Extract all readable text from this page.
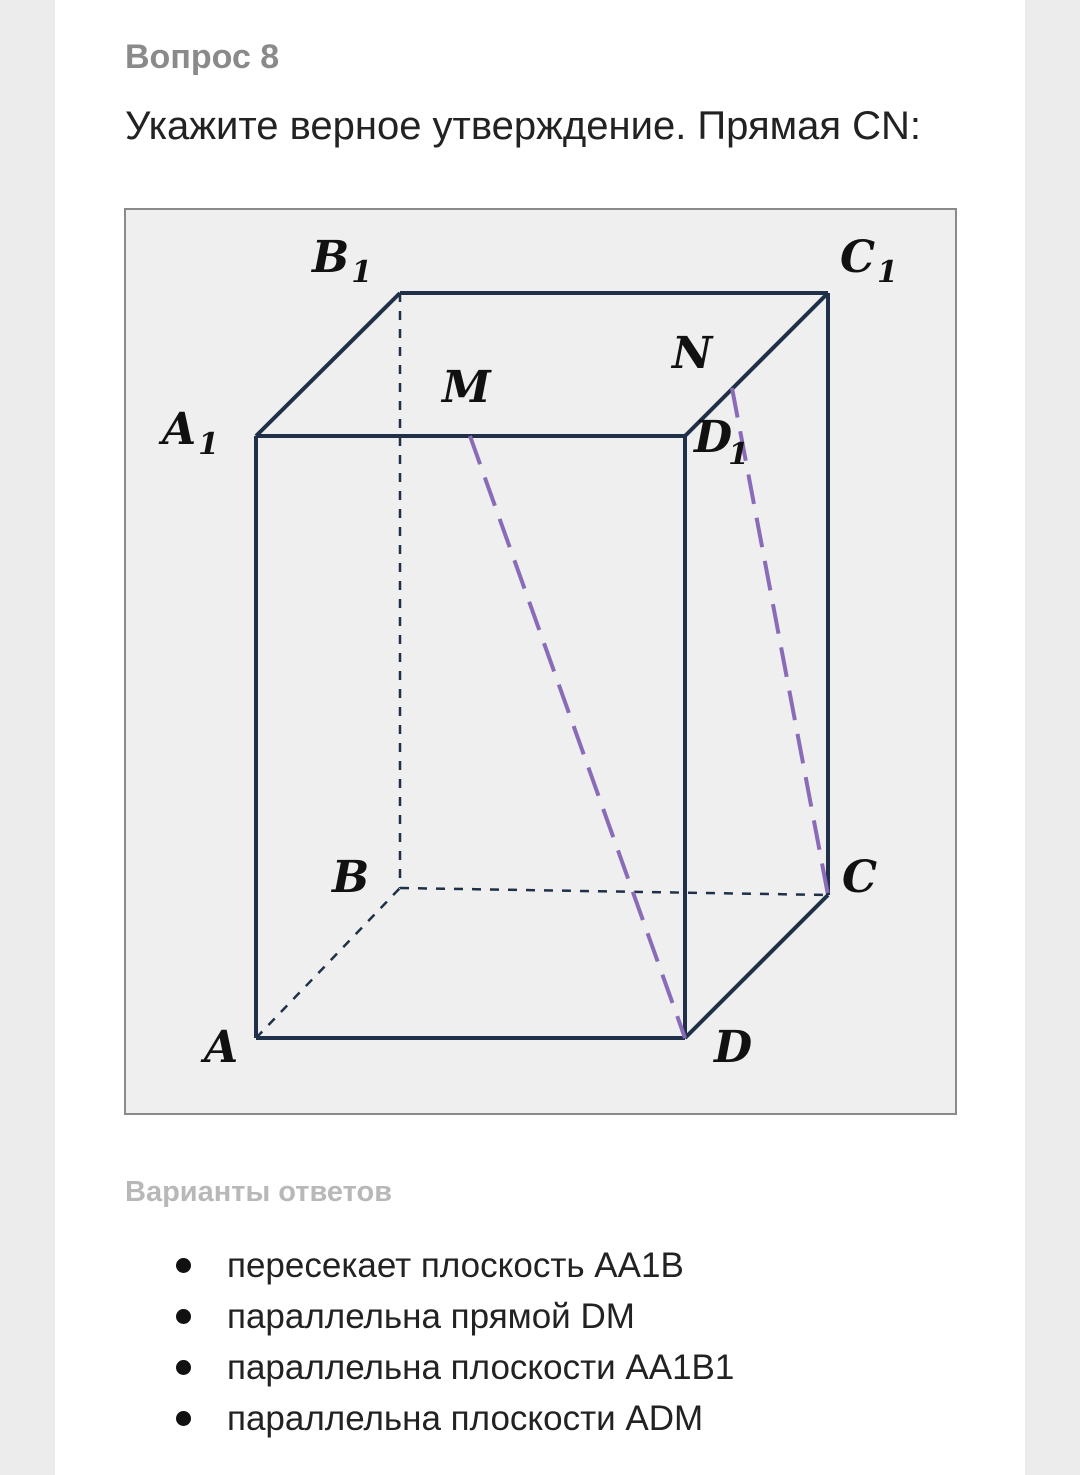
Вопрос 8
Укажите верное утверждение. Прямая CN:
$B_1$	$C_1$
$A_1$	D1
M
N
B	C
A	D
Варианты ответов
пересекает плоскость АА1В
параллельна прямой DM
параллельна плоскости АА1В1
параллельна плоскости ADM
